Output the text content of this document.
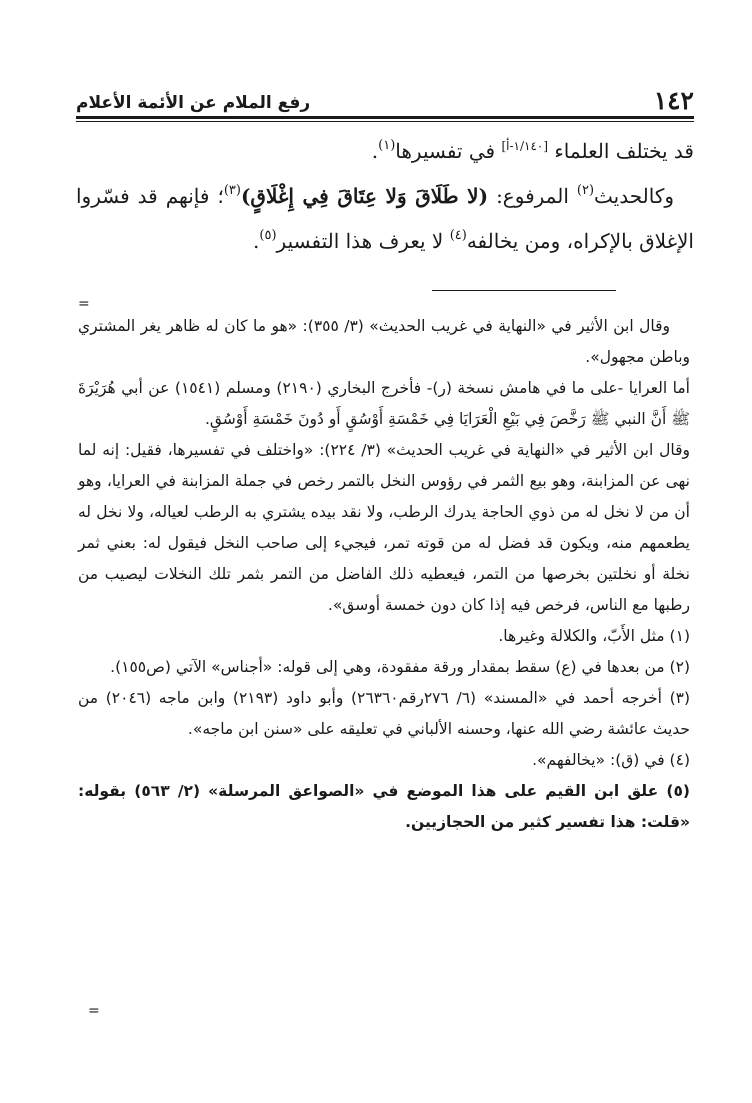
١٤٢
رفع الملام عن الأئمة الأعلام

قد يختلف العلماء [١/١٤٠-أ] في تفسيرها$^{(١)}$.

وكالحديث$^{(٢)}$ المرفوع: (لا طَلَاقَ وَلا عِتَاقَ فِي إِغْلَاقٍ)$^{(٣)}$؛ فإنهم قد فسّروا الإغلاق بالإكراه، ومن يخالفه$^{(٤)}$ لا يعرف هذا التفسير$^{(٥)}$.

=

وقال ابن الأثير في «النهاية في غريب الحديث» (٣/ ٣٥٥): «هو ما كان له ظاهر يغر المشتري وباطن مجهول».

أما العرايا -على ما في هامش نسخة (ر)- فأخرج البخاري (٢١٩٠) ومسلم (١٥٤١) عن أبي هُرَيْرَةَ ﷺ أَنَّ النبي ﷺ رَخَّصَ فِي بَيْعِ الْعَرَايَا فِي خَمْسَةِ أَوْسُقٍ أَو دُونَ خَمْسَةِ أَوْسُقٍ.

وقال ابن الأثير في «النهاية في غريب الحديث» (٣/ ٢٢٤): «واختلف في تفسيرها، فقيل: إنه لما نهى عن المزابنة، وهو بيع الثمر في رؤوس النخل بالتمر رخص في جملة المزابنة في العرايا، وهو أن من لا نخل له من ذوي الحاجة يدرك الرطب، ولا نقد بيده يشتري به الرطب لعياله، ولا نخل له يطعمهم منه، ويكون قد فضل له من قوته تمر، فيجيء إلى صاحب النخل فيقول له: بعني ثمر نخلة أو نخلتين بخرصها من التمر، فيعطيه ذلك الفاضل من التمر بثمر تلك النخلات ليصيب من رطبها مع الناس، فرخص فيه إذا كان دون خمسة أوسق».

(١) مثل الأَبّ، والكلالة وغيرها.

(٢) من بعدها في (ع) سقط بمقدار ورقة مفقودة، وهي إلى قوله: «أجناس» الآتي (ص١٥٥).

(٣) أخرجه أحمد في «المسند» (٦/ ٢٧٦رقم٢٦٣٦٠) وأبو داود (٢١٩٣) وابن ماجه (٢٠٤٦) من حديث عائشة رضي الله عنها، وحسنه الألباني في تعليقه على «سنن ابن ماجه».

(٤) في (ق): «يخالفهم».

(٥) علق ابن القيم على هذا الموضع في «الصواعق المرسلة» (٢/ ٥٦٣) بقوله: «قلت: هذا تفسير كثير من الحجازيين.

=
